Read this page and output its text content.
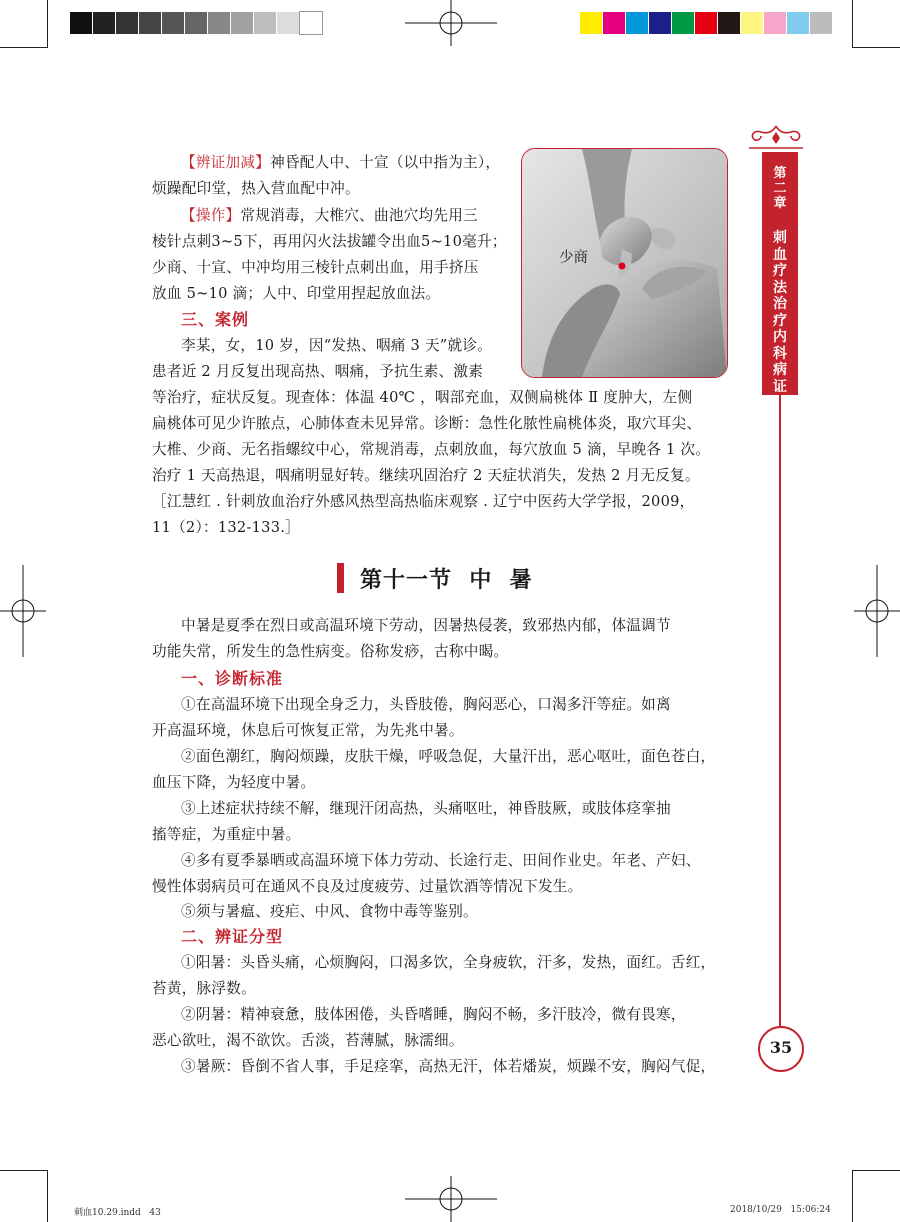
第二章
刺血疗法治疗内科病证
35
少商
【辨证加减】神昏配人中、十宣（以中指为主），
烦躁配印堂，热入营血配中冲。
【操作】常规消毒，大椎穴、曲池穴均先用三
棱针点刺3~5下，再用闪火法拔罐令出血5~10毫升；
少商、十宣、中冲均用三棱针点刺出血，用手挤压
放血 5~10 滴；人中、印堂用捏起放血法。
三、案例
李某，女，10 岁，因“发热、咽痛 3 天”就诊。
患者近 2 月反复出现高热、咽痛，予抗生素、激素
等治疗，症状反复。现查体：体温 40℃ ，咽部充血，双侧扁桃体 Ⅱ 度肿大，左侧
扁桃体可见少许脓点，心肺体查未见异常。诊断：急性化脓性扁桃体炎，取穴耳尖、
大椎、少商、无名指螺纹中心，常规消毒，点刺放血，每穴放血 5 滴，早晚各 1 次。
治疗 1 天高热退，咽痛明显好转。继续巩固治疗 2 天症状消失，发热 2 月无反复。
［江慧红 . 针刺放血治疗外感风热型高热临床观察 . 辽宁中医药大学学报，2009，
11（2）：132-133.］
第十一节  中  暑
中暑是夏季在烈日或高温环境下劳动，因暑热侵袭，致邪热内郁，体温调节
功能失常，所发生的急性病变。俗称发痧，古称中暍。
一、诊断标准
①在高温环境下出现全身乏力，头昏肢倦，胸闷恶心，口渴多汗等症。如离
开高温环境，休息后可恢复正常，为先兆中暑。
②面色潮红，胸闷烦躁，皮肤干燥，呼吸急促，大量汗出，恶心呕吐，面色苍白，
血压下降，为轻度中暑。
③上述症状持续不解，继现汗闭高热，头痛呕吐，神昏肢厥，或肢体痉挛抽
搐等症，为重症中暑。
④多有夏季暴晒或高温环境下体力劳动、长途行走、田间作业史。年老、产妇、
慢性体弱病员可在通风不良及过度疲劳、过量饮酒等情况下发生。
⑤须与暑瘟、疫疟、中风、食物中毒等鉴别。
二、辨证分型
①阳暑：头昏头痛，心烦胸闷，口渴多饮，全身疲软，汗多，发热，面红。舌红，
苔黄，脉浮数。
②阴暑：精神衰惫，肢体困倦，头昏嗜睡，胸闷不畅，多汗肢冷，微有畏寒，
恶心欲吐，渴不欲饮。舌淡，苔薄腻，脉濡细。
③暑厥：昏倒不省人事，手足痉挛，高热无汗，体若燔炭，烦躁不安，胸闷气促，
刺血10.29.indd   43	2018/10/29   15:06:24
